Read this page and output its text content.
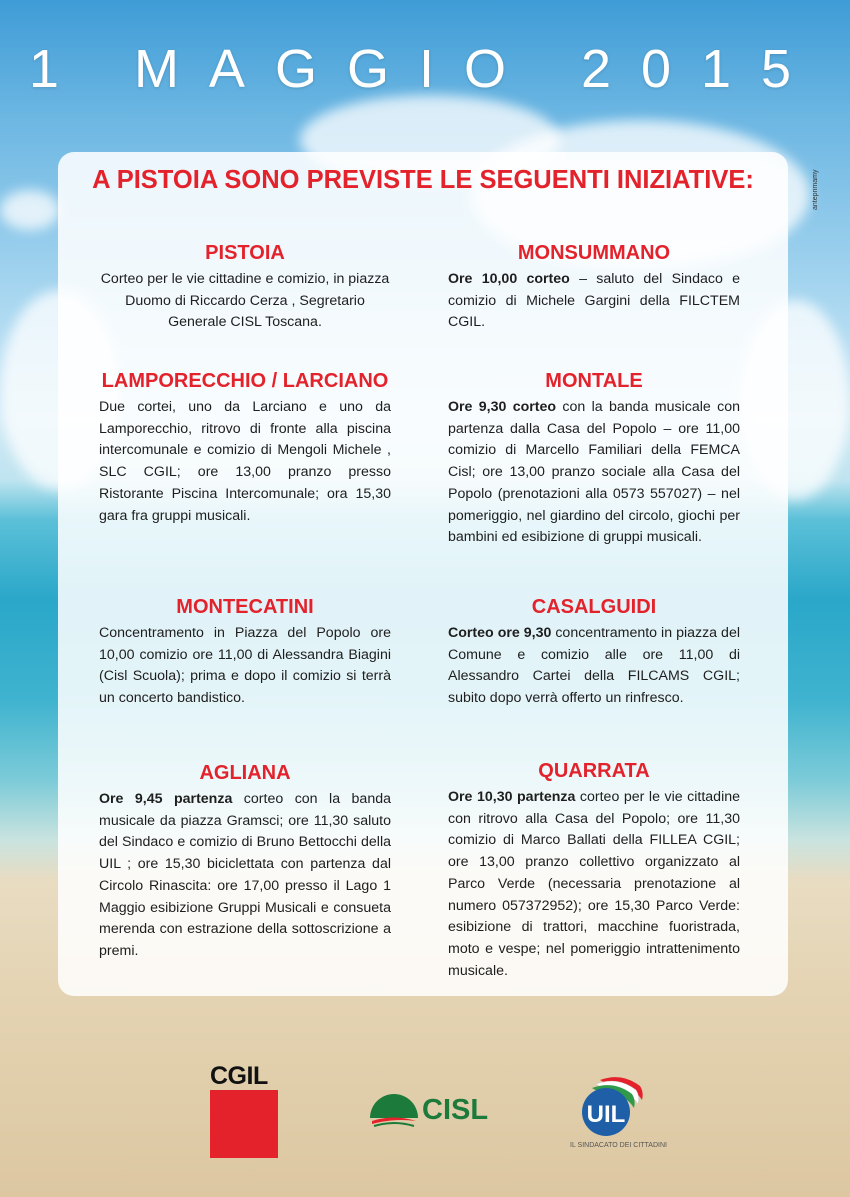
1 MAGGIO 2015
anteprimamy
A PISTOIA SONO PREVISTE LE SEGUENTI INIZIATIVE:
PISTOIA

Corteo per le vie cittadine e comizio, in piazza Duomo di Riccardo Cerza , Segretario Generale CISL Toscana.

LAMPORECCHIO / LARCIANO

Due cortei, uno da Larciano e uno da Lamporecchio, ritrovo di fronte alla piscina intercomunale e comizio di Mengoli Michele , SLC CGIL; ore 13,00 pranzo presso Ristorante Piscina Intercomunale; ora 15,30 gara fra gruppi musicali.

MONTECATINI

Concentramento in Piazza del Popolo ore 10,00 comizio ore 11,00 di Alessandra Biagini (Cisl Scuola); prima e dopo il comizio si terrà un concerto bandistico.

AGLIANA

Ore 9,45 partenza corteo con la banda musicale da piazza Gramsci; ore 11,30 saluto del Sindaco e comizio di Bruno Bettocchi della UIL ; ore 15,30 biciclettata con partenza dal Circolo Rinascita: ore 17,00 presso il Lago 1 Maggio esibizione Gruppi Musicali e consueta merenda con estrazione della sottoscrizione a premi.

MONSUMMANO

Ore 10,00 corteo – saluto del Sindaco e comizio di Michele Gargini della FILCTEM CGIL.

MONTALE

Ore 9,30 corteo con la banda musicale con partenza dalla Casa del Popolo – ore 11,00 comizio di Marcello Familiari della FEMCA Cisl; ore 13,00 pranzo sociale alla Casa del Popolo (prenotazioni alla 0573 557027) – nel pomeriggio, nel giardino del circolo, giochi per bambini ed esibizione di gruppi musicali.

CASALGUIDI

Corteo ore 9,30 concentramento in piazza del Comune e comizio alle ore 11,00 di Alessandro Cartei della FILCAMS CGIL; subito dopo verrà offerto un rinfresco.

QUARRATA

Ore 10,30 partenza corteo per le vie cittadine con ritrovo alla Casa del Popolo; ore 11,30 comizio di Marco Ballati della FILLEA CGIL; ore 13,00 pranzo collettivo organizzato al Parco Verde (necessaria prenotazione al numero 057372952); ore 15,30 Parco Verde: esibizione di trattori, macchine fuoristrada, moto e vespe; nel pomeriggio intrattenimento musicale.

CGIL
CISL	UIL
IL SINDACATO DEI CITTADINI
